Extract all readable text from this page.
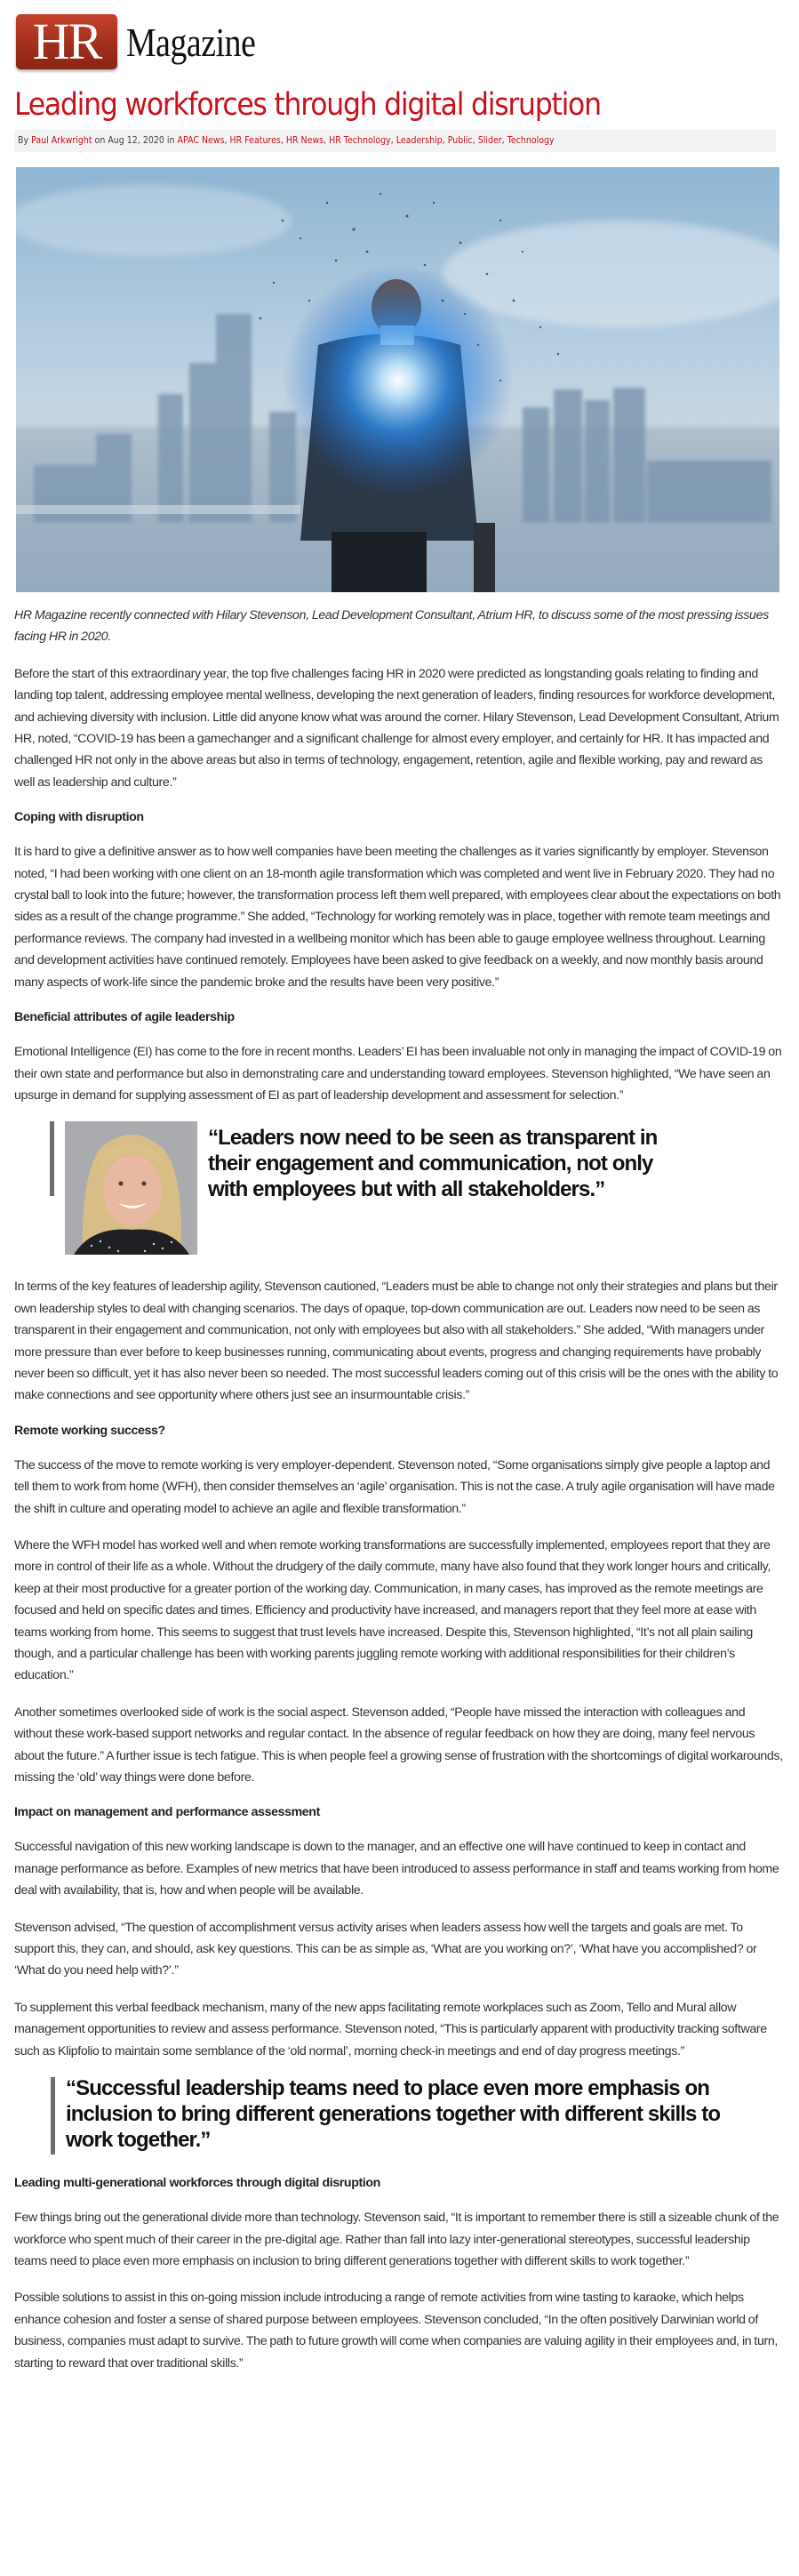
HR Magazine
Leading workforces through digital disruption
By Paul Arkwright on Aug 12, 2020 in APAC News, HR Features, HR News, HR Technology, Leadership, Public, Slider, Technology

HR Magazine recently connected with Hilary Stevenson, Lead Development Consultant, Atrium HR, to discuss some of the most pressing issues facing HR in 2020.

Before the start of this extraordinary year, the top five challenges facing HR in 2020 were predicted as longstanding goals relating to finding and landing top talent, addressing employee mental wellness, developing the next generation of leaders, finding resources for workforce development, and achieving diversity with inclusion. Little did anyone know what was around the corner. Hilary Stevenson, Lead Development Consultant, Atrium HR, noted, “COVID-19 has been a gamechanger and a significant challenge for almost every employer, and certainly for HR. It has impacted and challenged HR not only in the above areas but also in terms of technology, engagement, retention, agile and flexible working, pay and reward as well as leadership and culture.”

Coping with disruption

It is hard to give a definitive answer as to how well companies have been meeting the challenges as it varies significantly by employer. Stevenson noted, “I had been working with one client on an 18-month agile transformation which was completed and went live in February 2020. They had no crystal ball to look into the future; however, the transformation process left them well prepared, with employees clear about the expectations on both sides as a result of the change programme.” She added, “Technology for working remotely was in place, together with remote team meetings and performance reviews. The company had invested in a wellbeing monitor which has been able to gauge employee wellness throughout. Learning and development activities have continued remotely. Employees have been asked to give feedback on a weekly, and now monthly basis around many aspects of work-life since the pandemic broke and the results have been very positive.”

Beneficial attributes of agile leadership

Emotional Intelligence (EI) has come to the fore in recent months. Leaders’ EI has been invaluable not only in managing the impact of COVID-19 on their own state and performance but also in demonstrating care and understanding toward employees. Stevenson highlighted, “We have seen an upsurge in demand for supplying assessment of EI as part of leadership development and assessment for selection.”

“Leaders now need to be seen as transparent in their engagement and communication, not only with employees but with all stakeholders.”

In terms of the key features of leadership agility, Stevenson cautioned, “Leaders must be able to change not only their strategies and plans but their own leadership styles to deal with changing scenarios. The days of opaque, top-down communication are out. Leaders now need to be seen as transparent in their engagement and communication, not only with employees but also with all stakeholders.” She added, “With managers under more pressure than ever before to keep businesses running, communicating about events, progress and changing requirements have probably never been so difficult, yet it has also never been so needed. The most successful leaders coming out of this crisis will be the ones with the ability to make connections and see opportunity where others just see an insurmountable crisis.”

Remote working success?

The success of the move to remote working is very employer-dependent. Stevenson noted, “Some organisations simply give people a laptop and tell them to work from home (WFH), then consider themselves an ‘agile’ organisation. This is not the case. A truly agile organisation will have made the shift in culture and operating model to achieve an agile and flexible transformation.”

Where the WFH model has worked well and when remote working transformations are successfully implemented, employees report that they are more in control of their life as a whole. Without the drudgery of the daily commute, many have also found that they work longer hours and critically, keep at their most productive for a greater portion of the working day. Communication, in many cases, has improved as the remote meetings are focused and held on specific dates and times. Efficiency and productivity have increased, and managers report that they feel more at ease with teams working from home. This seems to suggest that trust levels have increased. Despite this, Stevenson highlighted, “It’s not all plain sailing though, and a particular challenge has been with working parents juggling remote working with additional responsibilities for their children’s education.”

Another sometimes overlooked side of work is the social aspect. Stevenson added, “People have missed the interaction with colleagues and without these work-based support networks and regular contact. In the absence of regular feedback on how they are doing, many feel nervous about the future.” A further issue is tech fatigue. This is when people feel a growing sense of frustration with the shortcomings of digital workarounds, missing the ‘old’ way things were done before.

Impact on management and performance assessment

Successful navigation of this new working landscape is down to the manager, and an effective one will have continued to keep in contact and manage performance as before. Examples of new metrics that have been introduced to assess performance in staff and teams working from home deal with availability, that is, how and when people will be available.

Stevenson advised, “The question of accomplishment versus activity arises when leaders assess how well the targets and goals are met. To support this, they can, and should, ask key questions. This can be as simple as, ‘What are you working on?’, ‘What have you accomplished? or ‘What do you need help with?’.”

To supplement this verbal feedback mechanism, many of the new apps facilitating remote workplaces such as Zoom, Tello and Mural allow management opportunities to review and assess performance. Stevenson noted, “This is particularly apparent with productivity tracking software such as Klipfolio to maintain some semblance of the ‘old normal’, morning check-in meetings and end of day progress meetings.”

“Successful leadership teams need to place even more emphasis on inclusion to bring different generations together with different skills to work together.”
Leading multi-generational workforces through digital disruption

Few things bring out the generational divide more than technology. Stevenson said, “It is important to remember there is still a sizeable chunk of the workforce who spent much of their career in the pre-digital age. Rather than fall into lazy inter-generational stereotypes, successful leadership teams need to place even more emphasis on inclusion to bring different generations together with different skills to work together.”

Possible solutions to assist in this on-going mission include introducing a range of remote activities from wine tasting to karaoke, which helps enhance cohesion and foster a sense of shared purpose between employees. Stevenson concluded, “In the often positively Darwinian world of business, companies must adapt to survive. The path to future growth will come when companies are valuing agility in their employees and, in turn, starting to reward that over traditional skills.”
